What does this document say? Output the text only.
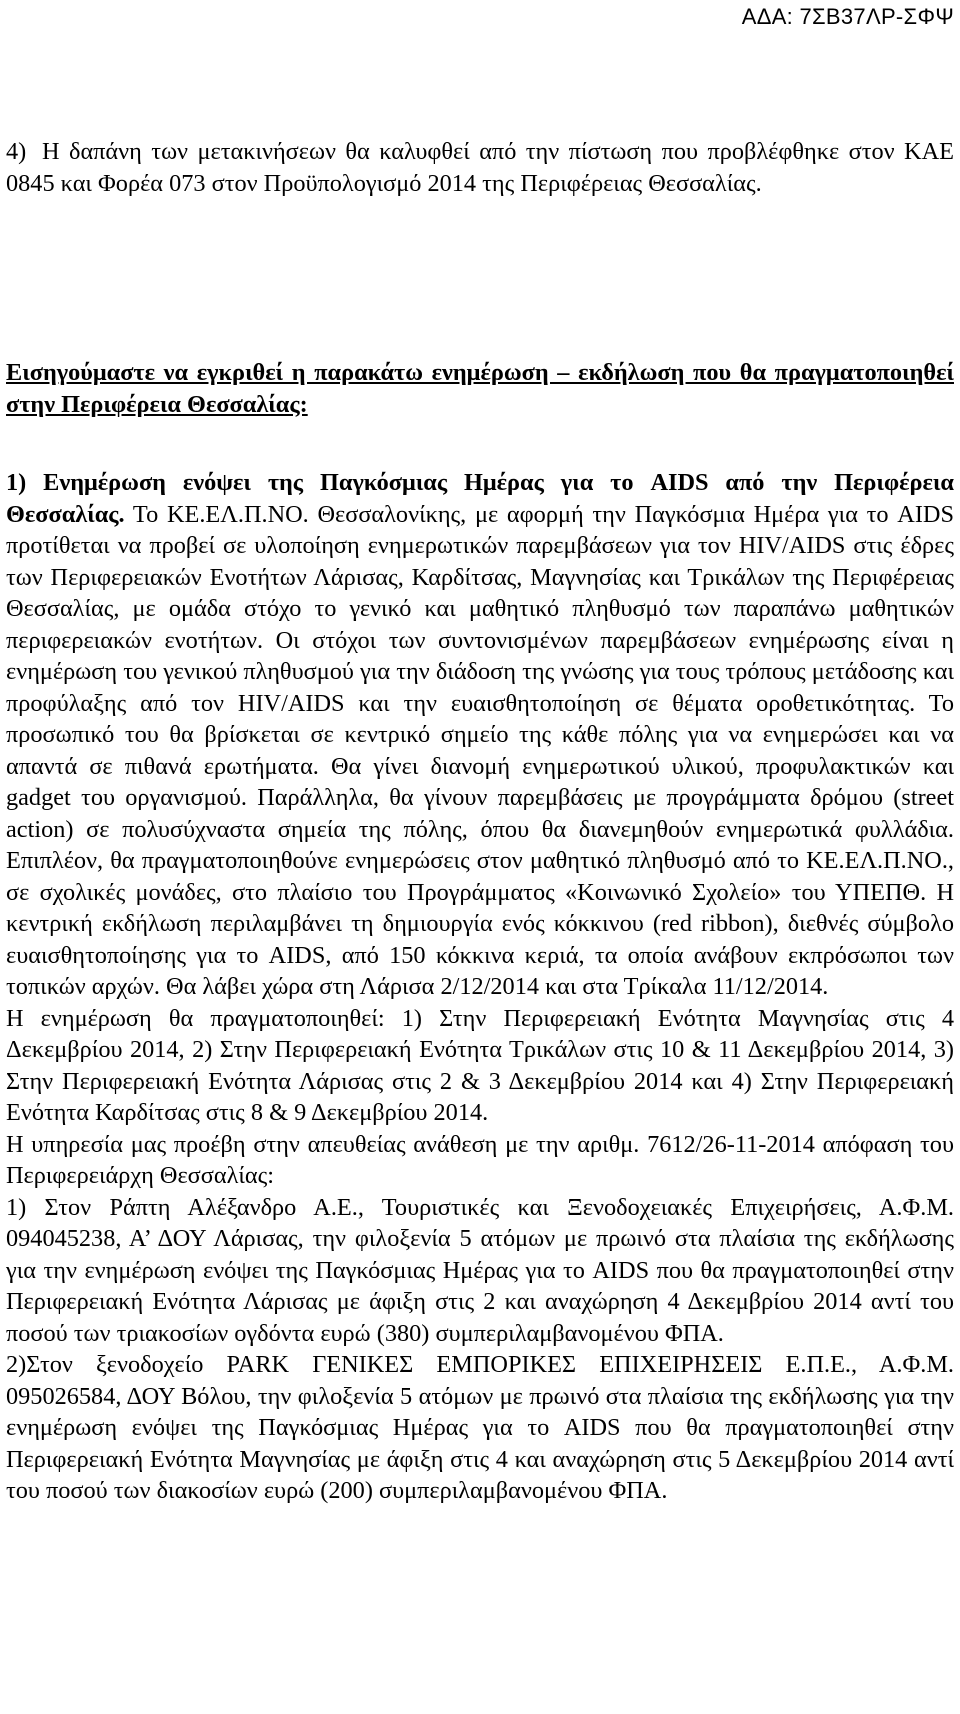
ΑΔΑ: 7ΣΒ37ΛΡ-ΣΦΨ
4) Η δαπάνη των μετακινήσεων θα καλυφθεί από την πίστωση που προβλέφθηκε στον ΚΑΕ 0845 και Φορέα 073 στον Προϋπολογισμό 2014 της Περιφέρειας Θεσσαλίας.
Εισηγούμαστε να εγκριθεί η παρακάτω ενημέρωση – εκδήλωση που θα πραγματοποιηθεί στην Περιφέρεια Θεσσαλίας:

1) Ενημέρωση ενόψει της Παγκόσμιας Ημέρας για το AIDS από την Περιφέρεια Θεσσαλίας. Το ΚΕ.ΕΛ.Π.ΝΟ. Θεσσαλονίκης, με αφορμή την Παγκόσμια Ημέρα για το AIDS προτίθεται να προβεί σε υλοποίηση ενημερωτικών παρεμβάσεων για τον HIV/AIDS στις έδρες των Περιφερειακών Ενοτήτων Λάρισας, Καρδίτσας, Μαγνησίας και Τρικάλων της Περιφέρειας Θεσσαλίας, με ομάδα στόχο το γενικό και μαθητικό πληθυσμό των παραπάνω μαθητικών περιφερειακών ενοτήτων. Οι στόχοι των συντονισμένων παρεμβάσεων ενημέρωσης είναι η ενημέρωση του γενικού πληθυσμού για την διάδοση της γνώσης για τους τρόπους μετάδοσης και προφύλαξης από τον HIV/AIDS και την ευαισθητοποίηση σε θέματα οροθετικότητας. Το προσωπικό του θα βρίσκεται σε κεντρικό σημείο της κάθε πόλης για να ενημερώσει και να απαντά σε πιθανά ερωτήματα. Θα γίνει διανομή ενημερωτικού υλικού, προφυλακτικών και gadget του οργανισμού. Παράλληλα, θα γίνουν παρεμβάσεις με προγράμματα δρόμου (street action) σε πολυσύχναστα σημεία της πόλης, όπου θα διανεμηθούν ενημερωτικά φυλλάδια. Επιπλέον, θα πραγματοποιηθούνε ενημερώσεις στον μαθητικό πληθυσμό από το ΚΕ.ΕΛ.Π.ΝΟ., σε σχολικές μονάδες, στο πλαίσιο του Προγράμματος «Κοινωνικό Σχολείο» του ΥΠΕΠΘ. Η κεντρική εκδήλωση περιλαμβάνει τη δημιουργία ενός κόκκινου (red ribbon), διεθνές σύμβολο ευαισθητοποίησης για το AIDS, από 150 κόκκινα κεριά, τα οποία ανάβουν εκπρόσωποι των τοπικών αρχών. Θα λάβει χώρα στη Λάρισα 2/12/2014 και στα Τρίκαλα 11/12/2014.

Η ενημέρωση θα πραγματοποιηθεί: 1) Στην Περιφερειακή Ενότητα Μαγνησίας στις 4 Δεκεμβρίου 2014, 2) Στην Περιφερειακή Ενότητα Τρικάλων στις 10 & 11 Δεκεμβρίου 2014, 3) Στην Περιφερειακή Ενότητα Λάρισας στις 2 & 3 Δεκεμβρίου 2014 και 4) Στην Περιφερειακή Ενότητα Καρδίτσας στις 8 & 9 Δεκεμβρίου 2014.

Η υπηρεσία μας προέβη στην απευθείας ανάθεση με την αριθμ. 7612/26-11-2014 απόφαση του Περιφερειάρχη Θεσσαλίας:

1) Στον Ράπτη Αλέξανδρο Α.Ε., Τουριστικές και Ξενοδοχειακές Επιχειρήσεις, Α.Φ.Μ. 094045238, Α’ ΔΟΥ Λάρισας, την φιλοξενία 5 ατόμων με πρωινό στα πλαίσια της εκδήλωσης για την ενημέρωση ενόψει της Παγκόσμιας Ημέρας για το AIDS που θα πραγματοποιηθεί στην Περιφερειακή Ενότητα Λάρισας με άφιξη στις 2 και αναχώρηση 4 Δεκεμβρίου 2014 αντί του ποσού των τριακοσίων ογδόντα ευρώ (380) συμπεριλαμβανομένου ΦΠΑ.

2)Στον ξενοδοχείο PARK ΓΕΝΙΚΕΣ ΕΜΠΟΡΙΚΕΣ ΕΠΙΧΕΙΡΗΣΕΙΣ Ε.Π.Ε., Α.Φ.Μ. 095026584, ΔΟΥ Βόλου, την φιλοξενία 5 ατόμων με πρωινό στα πλαίσια της εκδήλωσης για την ενημέρωση ενόψει της Παγκόσμιας Ημέρας για το AIDS που θα πραγματοποιηθεί στην Περιφερειακή Ενότητα Μαγνησίας με άφιξη στις 4 και αναχώρηση στις 5 Δεκεμβρίου 2014 αντί του ποσού των διακοσίων ευρώ (200) συμπεριλαμβανομένου ΦΠΑ.
